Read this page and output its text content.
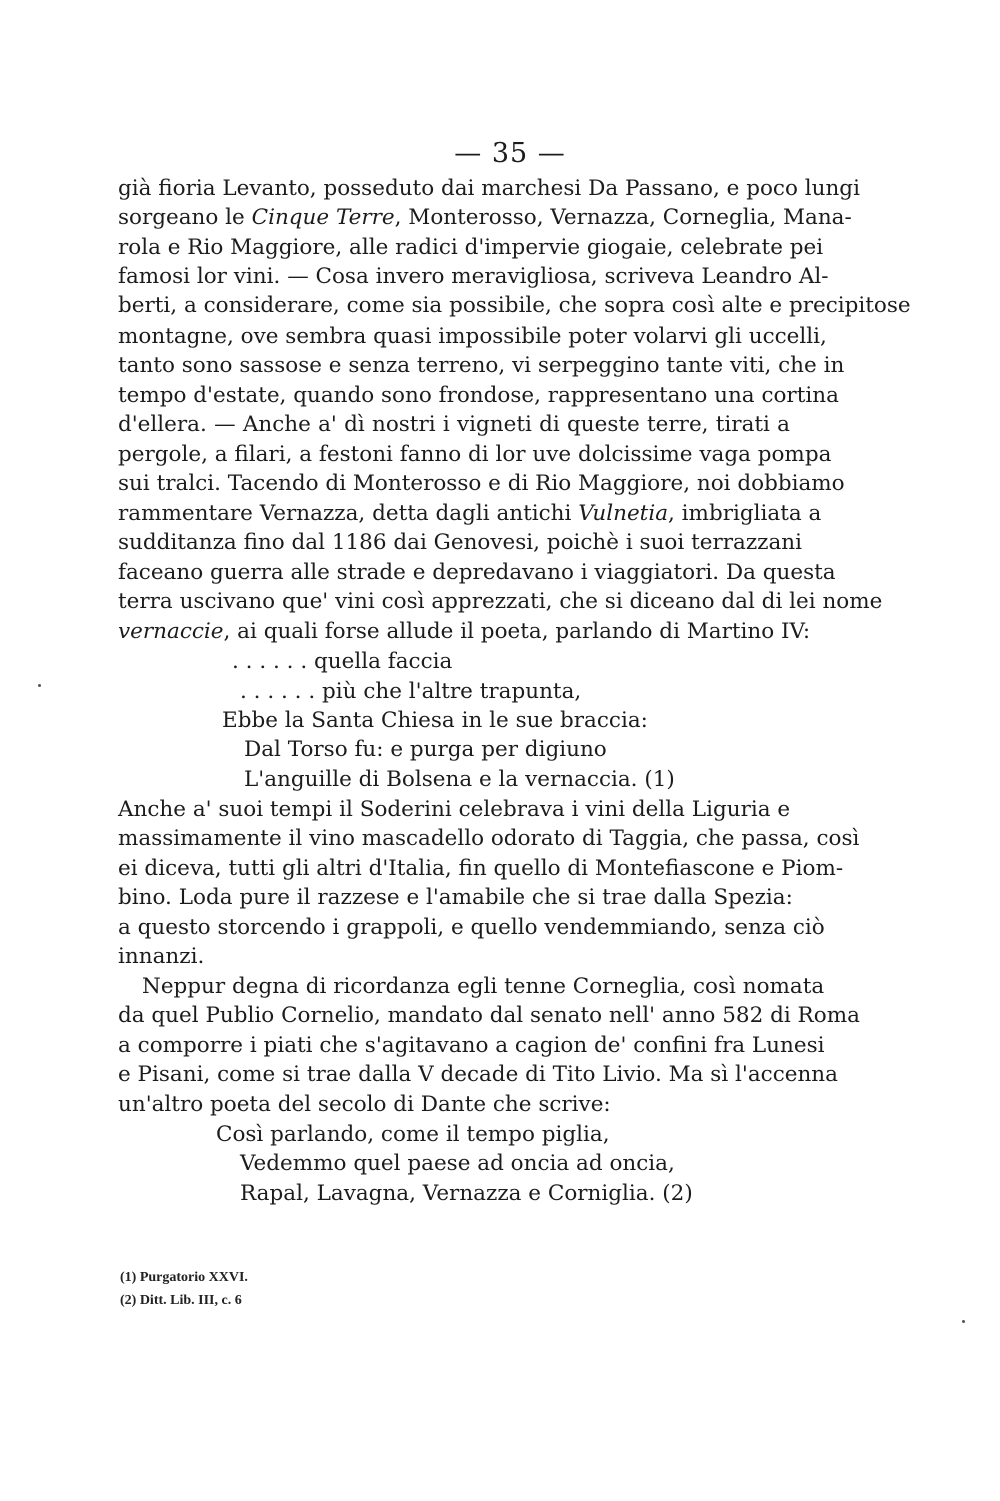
— 35 —
già fioria Levanto, posseduto dai marchesi Da Passano, e poco lungi
sorgeano le Cinque Terre, Monterosso, Vernazza, Corneglia, Mana-
rola e Rio Maggiore, alle radici d'impervie giogaie, celebrate pei
famosi lor vini. — Cosa invero meravigliosa, scriveva Leandro Al-
berti, a considerare, come sia possibile, che sopra così alte e precipitose
montagne, ove sembra quasi impossibile poter volarvi gli uccelli,
tanto sono sassose e senza terreno, vi serpeggino tante viti, che in
tempo d'estate, quando sono frondose, rappresentano una cortina
d'ellera. — Anche a' dì nostri i vigneti di queste terre, tirati a
pergole, a filari, a festoni fanno di lor uve dolcissime vaga pompa
sui tralci. Tacendo di Monterosso e di Rio Maggiore, noi dobbiamo
rammentare Vernazza, detta dagli antichi Vulnetia, imbrigliata a
sudditanza fino dal 1186 dai Genovesi, poichè i suoi terrazzani
faceano guerra alle strade e depredavano i viaggiatori. Da questa
terra uscivano que' vini così apprezzati, che si diceano dal di lei nome
vernaccie, ai quali forse allude il poeta, parlando di Martino IV:
. . . . . . quella faccia
. . . . . . più che l'altre trapunta,
Ebbe la Santa Chiesa in le sue braccia:
Dal Torso fu: e purga per digiuno
L'anguille di Bolsena e la vernaccia. (1)
Anche a' suoi tempi il Soderini celebrava i vini della Liguria e
massimamente il vino mascadello odorato di Taggia, che passa, così
ei diceva, tutti gli altri d'Italia, fin quello di Montefiascone e Piom-
bino. Loda pure il razzese e l'amabile che si trae dalla Spezia:
a questo storcendo i grappoli, e quello vendemmiando, senza ciò
innanzi.
Neppur degna di ricordanza egli tenne Corneglia, così nomata
da quel Publio Cornelio, mandato dal senato nell' anno 582 di Roma
a comporre i piati che s'agitavano a cagion de' confini fra Lunesi
e Pisani, come si trae dalla V decade di Tito Livio. Ma sì l'accenna
un'altro poeta del secolo di Dante che scrive:
Così parlando, come il tempo piglia,
Vedemmo quel paese ad oncia ad oncia,
Rapal, Lavagna, Vernazza e Corniglia. (2)
(1) Purgatorio XXVI.
(2) Ditt. Lib. III, c. 6
